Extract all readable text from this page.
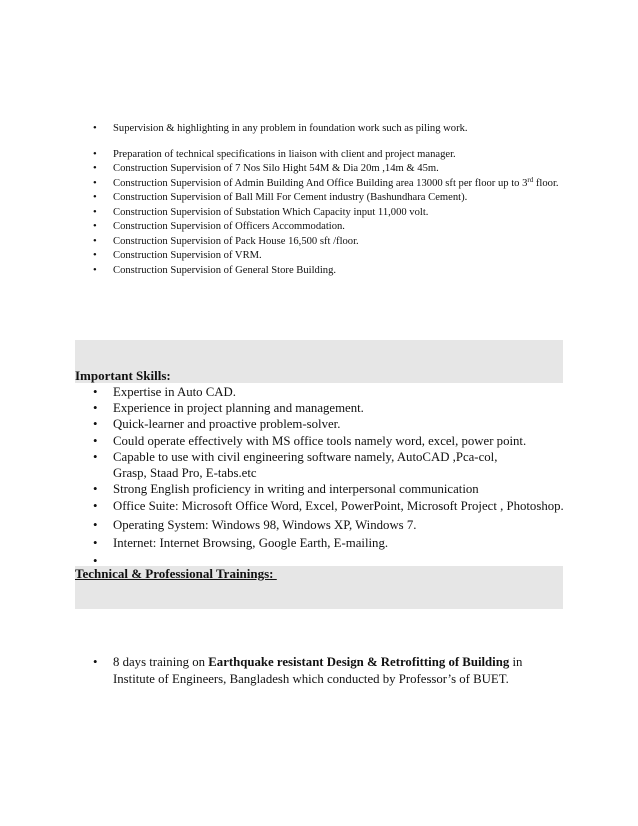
• Supervision & highlighting in any problem in foundation work such as piling work.
• Preparation of technical specifications in liaison with client and project manager.
• Construction Supervision of 7 Nos Silo Hight 54M & Dia 20m ,14m & 45m.
• Construction Supervision of Admin Building And Office Building area 13000 sft per floor up to 3rd floor.
• Construction Supervision of Ball Mill For Cement industry (Bashundhara Cement).
• Construction Supervision of Substation Which Capacity input 11,000 volt.
• Construction Supervision of Officers Accommodation.
• Construction Supervision of Pack House 16,500 sft /floor.
• Construction Supervision of VRM.
• Construction Supervision of General Store Building.
Important Skills:
• Expertise in Auto CAD.
• Experience in project planning and management.
• Quick-learner and proactive problem-solver.
• Could operate effectively with MS office tools namely word, excel, power point.
• Capable to use with civil engineering software namely, AutoCAD ,Pca-col, Grasp, Staad Pro, E-tabs.etc
• Strong English proficiency in writing and interpersonal communication
• Office Suite: Microsoft Office Word, Excel, PowerPoint, Microsoft Project , Photoshop.
• Operating System: Windows 98, Windows XP, Windows 7.
• Internet: Internet Browsing, Google Earth, E-mailing.
•
Technical & Professional Trainings:
• 8 days training on Earthquake resistant Design & Retrofitting of Building in Institute of Engineers, Bangladesh which conducted by Professor’s of BUET.
